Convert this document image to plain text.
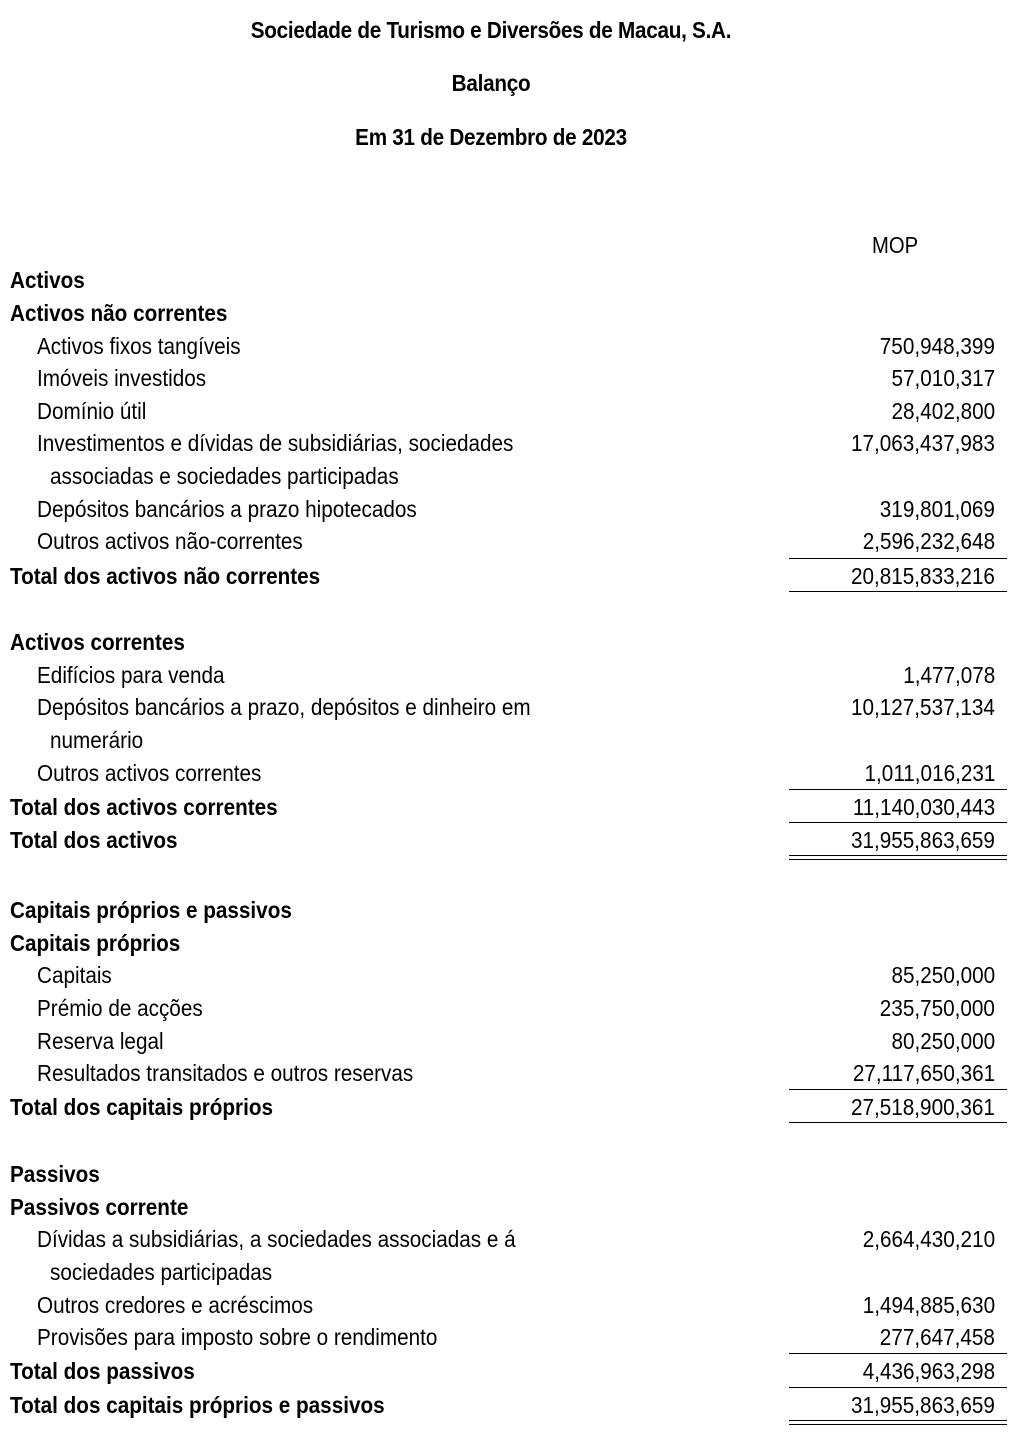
Sociedade de Turismo e Diversões de Macau, S.A.
Balanço
Em 31 de Dezembro de 2023
MOP
Activos
Activos não correntes
Activos fixos tangíveis	750,948,399
Imóveis investidos	57,010,317
Domínio útil	28,402,800
Investimentos e dívidas de subsidiárias, sociedades	17,063,437,983
associadas e sociedades participadas
Depósitos bancários a prazo hipotecados	319,801,069
Outros activos não-correntes	2,596,232,648
Total dos activos não correntes	20,815,833,216
Activos correntes
Edifícios para venda	1,477,078
Depósitos bancários a prazo, depósitos e dinheiro em	10,127,537,134
numerário
Outros activos correntes	1,011,016,231
Total dos activos correntes	11,140,030,443
Total dos activos	31,955,863,659
Capitais próprios e passivos
Capitais próprios
Capitais	85,250,000
Prémio de acções	235,750,000
Reserva legal	80,250,000
Resultados transitados e outros reservas	27,117,650,361
Total dos capitais próprios	27,518,900,361
Passivos
Passivos corrente
Dívidas a subsidiárias, a sociedades associadas e á	2,664,430,210
sociedades participadas
Outros credores e acréscimos	1,494,885,630
Provisões para imposto sobre o rendimento	277,647,458
Total dos passivos	4,436,963,298
Total dos capitais próprios e passivos	31,955,863,659
